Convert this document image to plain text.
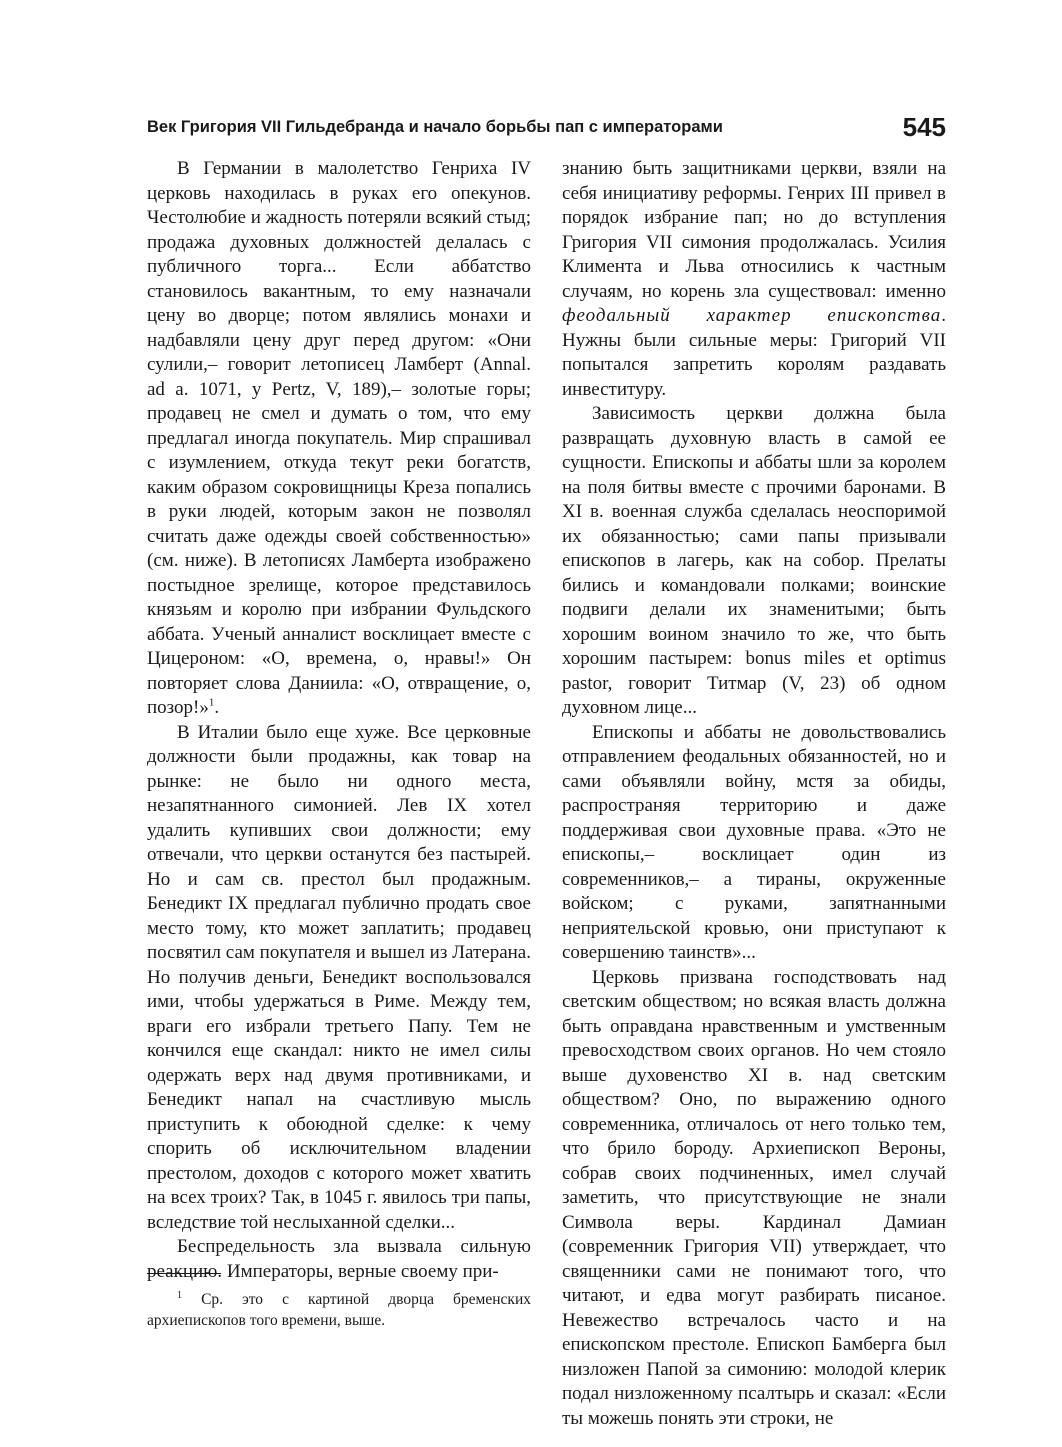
Век Григория VII Гильдебранда и начало борьбы пап с императорами	545

В Германии в малолетство Генриха IV церковь находилась в руках его опекунов. Честолюбие и жадность потеряли всякий стыд; продажа духовных должностей делалась с публичного торга... Если аббатство становилось вакантным, то ему назначали цену во дворце; потом являлись монахи и надбавляли цену друг перед другом: «Они сулили,– говорит летописец Ламберт (Annal. ad a. 1071, у Pertz, V, 189),– золотые горы; продавец не смел и думать о том, что ему предлагал иногда покупатель. Мир спрашивал с изумлением, откуда текут реки богатств, каким образом сокровищницы Креза попались в руки людей, которым закон не позволял считать даже одежды своей собственностью» (см. ниже). В летописях Ламберта изображено постыдное зрелище, которое представилось князьям и королю при избрании Фульдского аббата. Ученый анналист восклицает вместе с Цицероном: «О, времена, о, нравы!» Он повторяет слова Даниила: «О, отвращение, о, позор!»$^1$.

В Италии было еще хуже. Все церковные должности были продажны, как товар на рынке: не было ни одного места, незапятнанного симонией. Лев IX хотел удалить купивших свои должности; ему отвечали, что церкви останутся без пастырей. Но и сам св. престол был продажным. Бенедикт IX предлагал публично продать свое место тому, кто может заплатить; продавец посвятил сам покупателя и вышел из Латерана. Но получив деньги, Бенедикт воспользовался ими, чтобы удержаться в Риме. Между тем, враги его избрали третьего Папу. Тем не кончился еще скандал: никто не имел силы одержать верх над двумя противниками, и Бенедикт напал на счастливую мысль приступить к обоюдной сделке: к чему спорить об исключительном владении престолом, доходов с которого может хватить на всех троих? Так, в 1045 г. явилось три папы, вследствие той неслыханной сделки...

Беспредельность зла вызвала сильную реакцию. Императоры, верные своему при-

знанию быть защитниками церкви, взяли на себя инициативу реформы. Генрих III привел в порядок избрание пап; но до вступления Григория VII симония продолжалась. Усилия Климента и Льва относились к частным случаям, но корень зла существовал: именно феодальный характер епископства. Нужны были сильные меры: Григорий VII попытался запретить королям раздавать инвеституру.

Зависимость церкви должна была развращать духовную власть в самой ее сущности. Епископы и аббаты шли за королем на поля битвы вместе с прочими баронами. В XI в. военная служба сделалась неоспоримой их обязанностью; сами папы призывали епископов в лагерь, как на собор. Прелаты бились и командовали полками; воинские подвиги делали их знаменитыми; быть хорошим воином значило то же, что быть хорошим пастырем: bonus miles et optimus pastor, говорит Титмар (V, 23) об одном духовном лице...

Епископы и аббаты не довольствовались отправлением феодальных обязанностей, но и сами объявляли войну, мстя за обиды, распространяя территорию и даже поддерживая свои духовные права. «Это не епископы,– восклицает один из современников,– а тираны, окруженные войском; с руками, запятнанными неприятельской кровью, они приступают к совершению таинств»...

Церковь призвана господствовать над светским обществом; но всякая власть должна быть оправдана нравственным и умственным превосходством своих органов. Но чем стояло выше духовенство XI в. над светским обществом? Оно, по выражению одного современника, отличалось от него только тем, что брило бороду. Архиепископ Вероны, собрав своих подчиненных, имел случай заметить, что присутствующие не знали Символа веры. Кардинал Дамиан (современник Григория VII) утверждает, что священники сами не понимают того, что читают, и едва могут разбирать писаное. Невежество встречалось часто и на епископском престоле. Епископ Бамберга был низложен Папой за симонию: молодой клерик подал низложенному псалтырь и сказал: «Если ты можешь понять эти строки, не

$^1$ Ср. это с картиной дворца бременских архиепископов того времени, выше.
